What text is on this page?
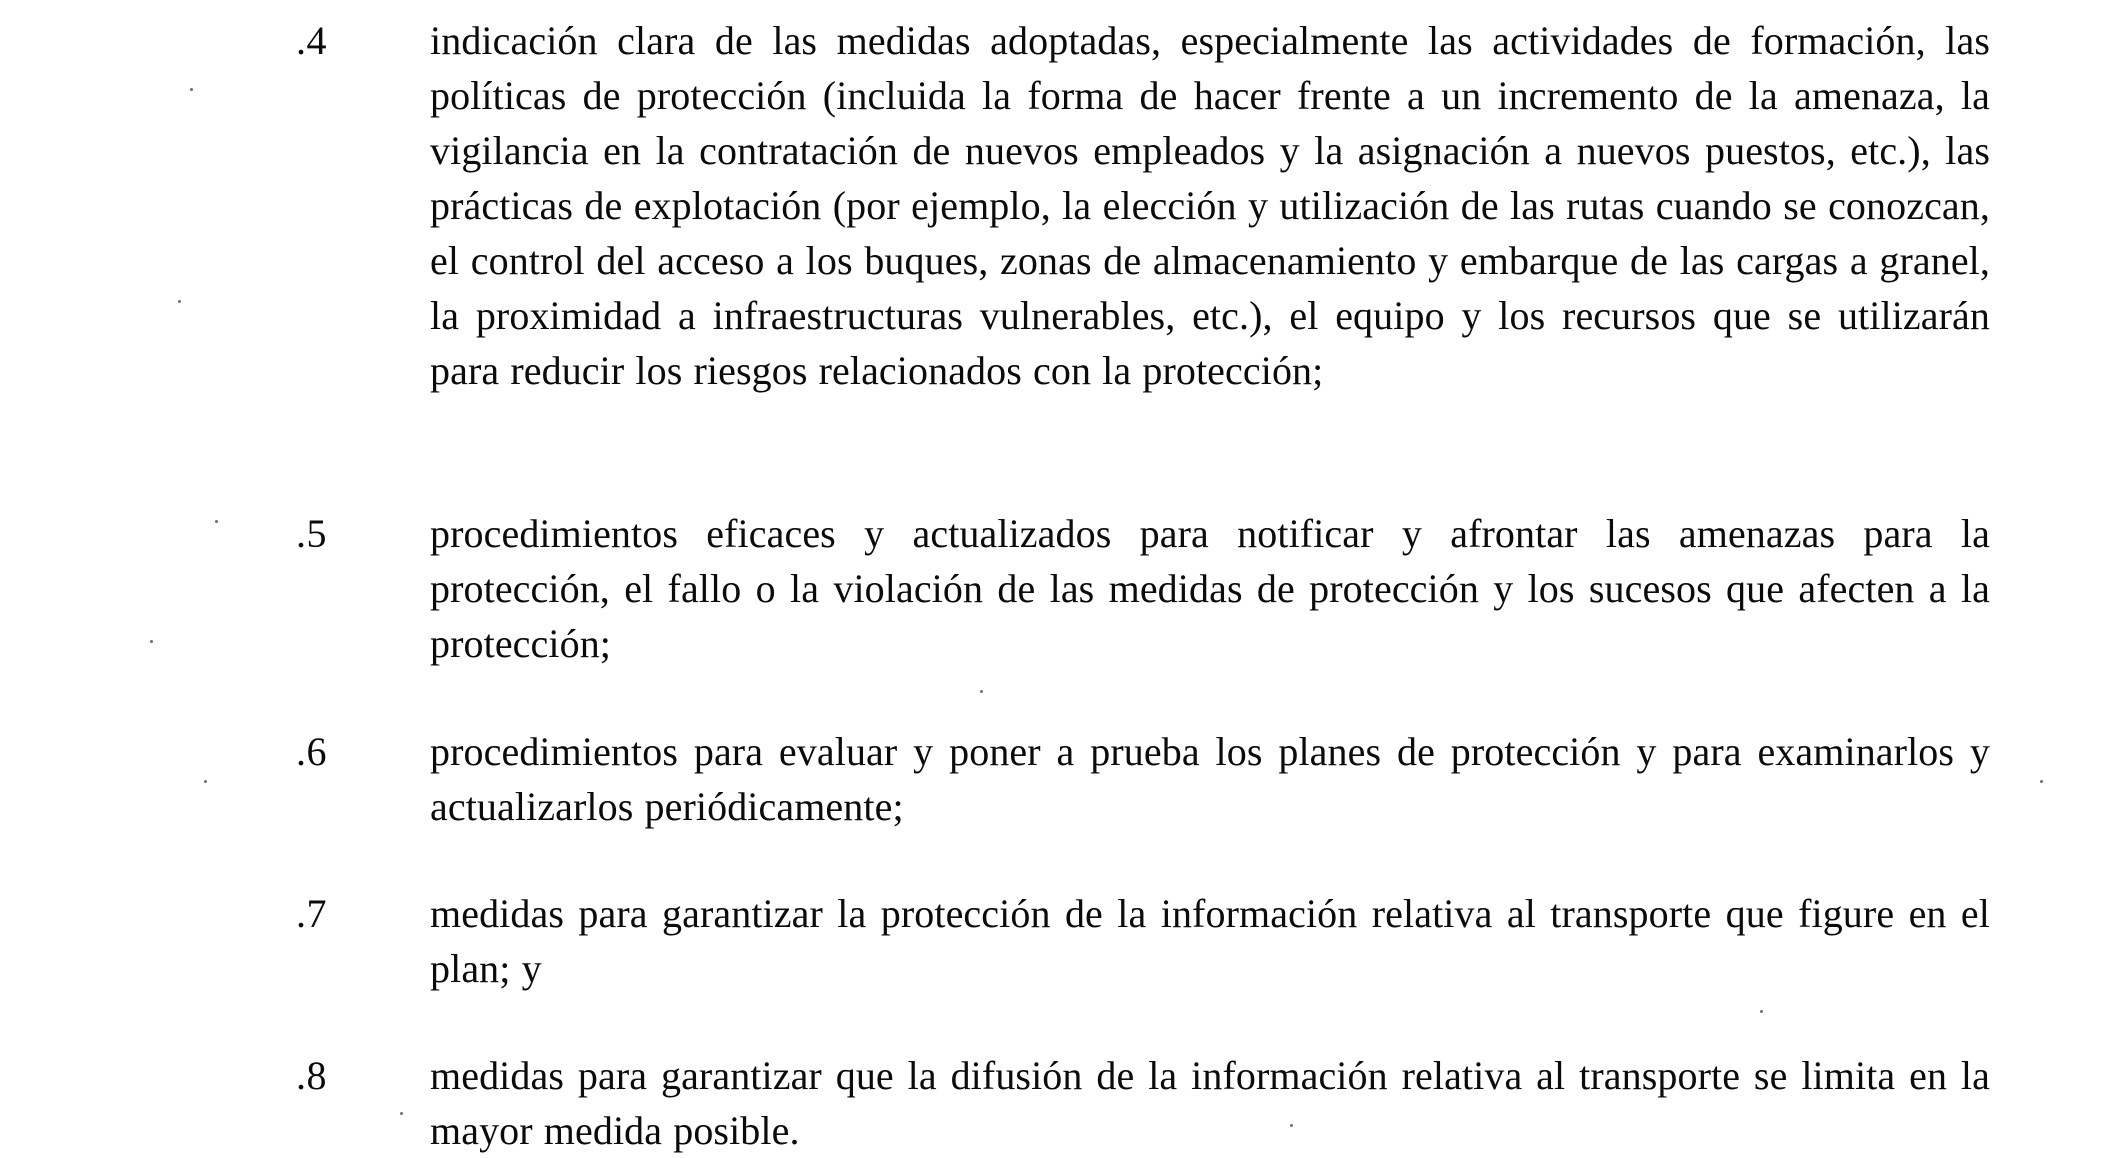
.4	indicación clara de las medidas adoptadas, especialmente las actividades de formación, las políticas de protección (incluida la forma de hacer frente a un incremento de la amenaza, la vigilancia en la contratación de nuevos empleados y la asignación a nuevos puestos, etc.), las prácticas de explotación (por ejemplo, la elección y utilización de las rutas cuando se conozcan, el control del acceso a los buques, zonas de almacenamiento y embarque de las cargas a granel, la proximidad a infraestructuras vulnerables, etc.), el equipo y los recursos que se utilizarán para reducir los riesgos relacionados con la protección;

.5	procedimientos eficaces y actualizados para notificar y afrontar las amenazas para la protección, el fallo o la violación de las medidas de protección y los sucesos que afecten a la protección;

.6	procedimientos para evaluar y poner a prueba los planes de protección y para examinarlos y actualizarlos periódicamente;

.7	medidas para garantizar la protección de la información relativa al transporte que figure en el plan; y

.8	medidas para garantizar que la difusión de la información relativa al transporte se limita en la mayor medida posible.
